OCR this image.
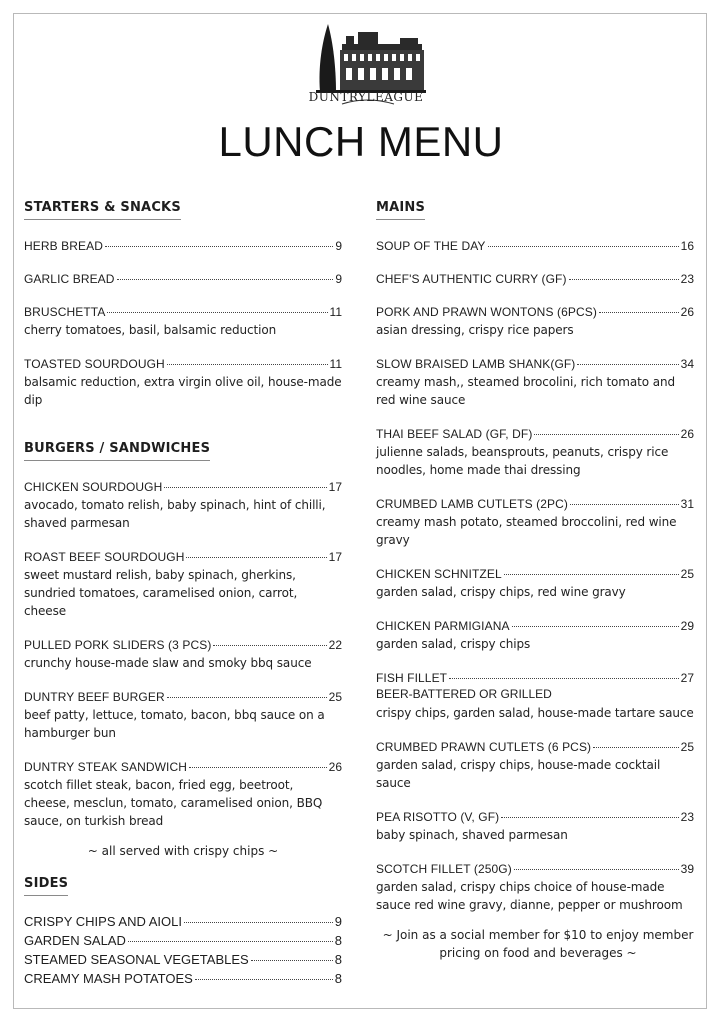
DUNTRYLEAGUE
LUNCH MENU
STARTERS & SNACKS
HERB BREAD	9
GARLIC BREAD	9
BRUSCHETTA	11
cherry tomatoes, basil, balsamic reduction
TOASTED SOURDOUGH	11
balsamic reduction, extra virgin olive oil, house-made dip
BURGERS / SANDWICHES
CHICKEN SOURDOUGH	17
avocado, tomato relish, baby spinach, hint of chilli, shaved parmesan
ROAST BEEF SOURDOUGH	17
sweet mustard relish, baby spinach, gherkins, sundried tomatoes, caramelised onion, carrot, cheese
PULLED PORK SLIDERS (3 PCS)	22
crunchy house-made slaw and smoky bbq sauce
DUNTRY BEEF BURGER	25
beef patty, lettuce, tomato, bacon, bbq sauce on a hamburger bun
DUNTRY STEAK SANDWICH	26
scotch fillet steak, bacon, fried egg, beetroot, cheese, mesclun, tomato, caramelised onion, BBQ sauce, on turkish bread
~ all served with crispy chips ~
SIDES
CRISPY CHIPS AND AIOLI	9
GARDEN SALAD	8
STEAMED SEASONAL VEGETABLES	8
CREAMY MASH POTATOES	8
MAINS
SOUP OF THE DAY	16
CHEF'S AUTHENTIC CURRY (GF)	23
PORK AND PRAWN WONTONS (6PCS)	26
asian dressing, crispy rice papers
SLOW BRAISED LAMB SHANK(GF)	34
creamy mash,, steamed brocolini, rich tomato and red wine sauce
THAI BEEF SALAD (GF, DF)	26
julienne salads, beansprouts, peanuts, crispy rice noodles, home made thai dressing
CRUMBED LAMB CUTLETS (2PC)	31
creamy mash potato, steamed broccolini, red wine gravy
CHICKEN SCHNITZEL	25
garden salad, crispy chips, red wine gravy
CHICKEN PARMIGIANA	29
garden salad, crispy chips
FISH FILLET	27
BEER-BATTERED OR GRILLED
crispy chips, garden salad, house-made tartare sauce
CRUMBED PRAWN CUTLETS (6 PCS)	25
garden salad, crispy chips, house-made cocktail sauce
PEA RISOTTO (V, GF)	23
baby spinach, shaved parmesan
SCOTCH FILLET (250G)	39
garden salad, crispy chips choice of house-made sauce red wine gravy, dianne, pepper or mushroom
~ Join as a social member for $10 to enjoy member pricing on food and beverages ~
